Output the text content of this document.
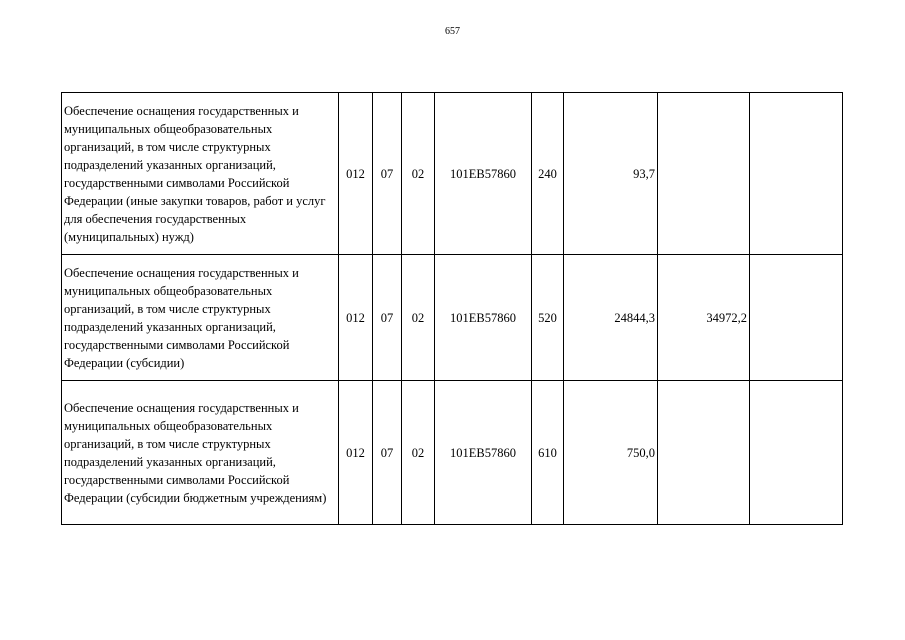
657
Обеспечение оснащения государственных и муниципальных общеобразовательных организаций, в том числе структурных подразделений указанных организаций, государственными символами Российской Федерации (иные закупки товаров, работ и услуг для обеспечения государственных (муниципальных) нужд)	012	07	02	101EB57860	240	93,7		
Обеспечение оснащения государственных и муниципальных общеобразовательных организаций, в том числе структурных подразделений указанных организаций, государственными символами Российской Федерации (субсидии)	012	07	02	101EB57860	520	24844,3	34972,2	
Обеспечение оснащения государственных и муниципальных общеобразовательных организаций, в том числе структурных подразделений указанных организаций, государственными символами Российской Федерации (субсидии бюджетным учреждениям)	012	07	02	101EB57860	610	750,0		
